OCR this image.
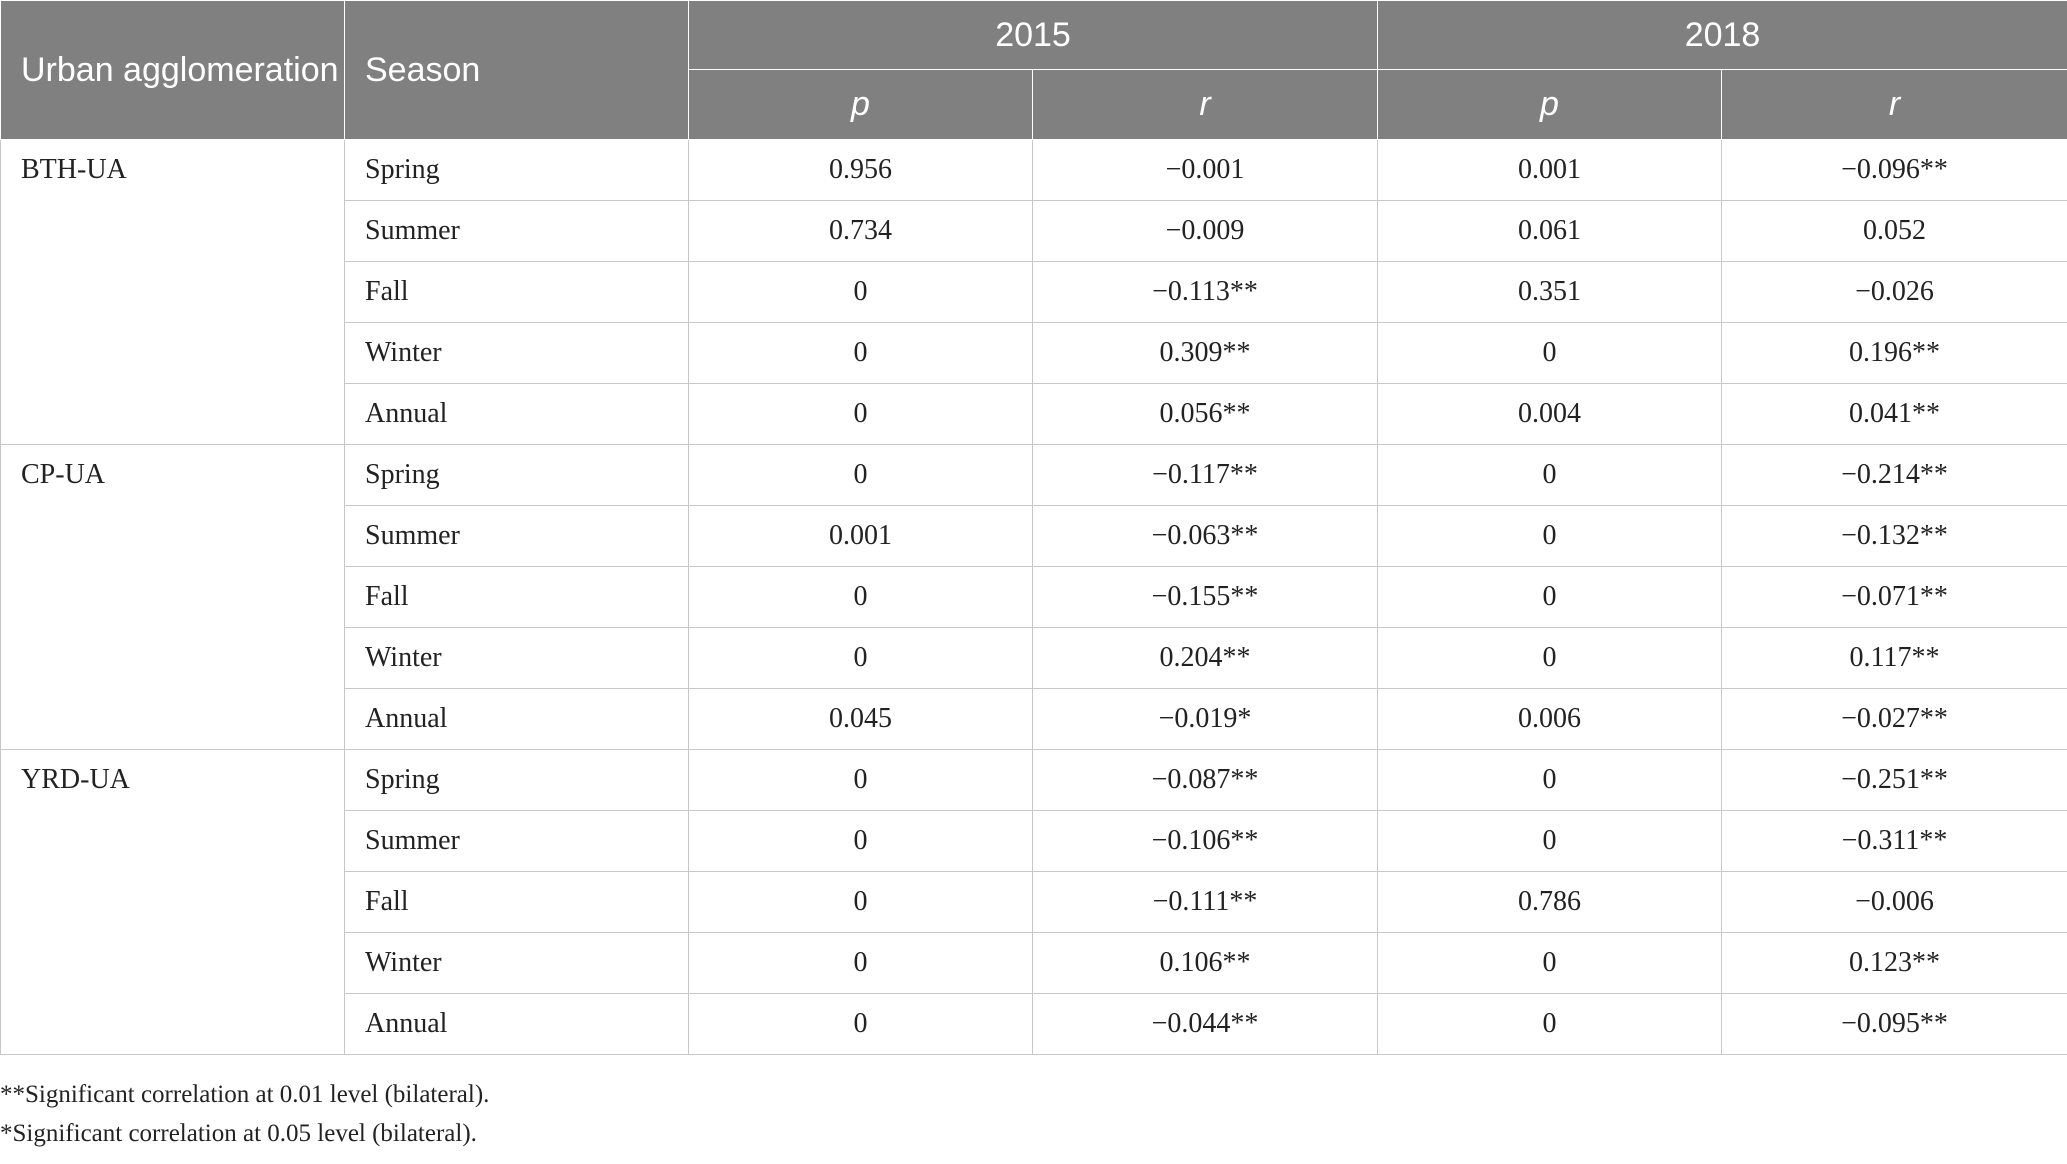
Urban agglomeration	Season	2015		2018	
		p	r	p	r
BTH-UA	Spring	0.956	−0.001	0.001	−0.096**
	Summer	0.734	−0.009	0.061	0.052
	Fall	0	−0.113**	0.351	−0.026
	Winter	0	0.309**	0	0.196**
	Annual	0	0.056**	0.004	0.041**
CP-UA	Spring	0	−0.117**	0	−0.214**
	Summer	0.001	−0.063**	0	−0.132**
	Fall	0	−0.155**	0	−0.071**
	Winter	0	0.204**	0	0.117**
	Annual	0.045	−0.019*	0.006	−0.027**
YRD-UA	Spring	0	−0.087**	0	−0.251**
	Summer	0	−0.106**	0	−0.311**
	Fall	0	−0.111**	0.786	−0.006
	Winter	0	0.106**	0	0.123**
	Annual	0	−0.044**	0	−0.095**
**Significant correlation at 0.01 level (bilateral).
*Significant correlation at 0.05 level (bilateral).
